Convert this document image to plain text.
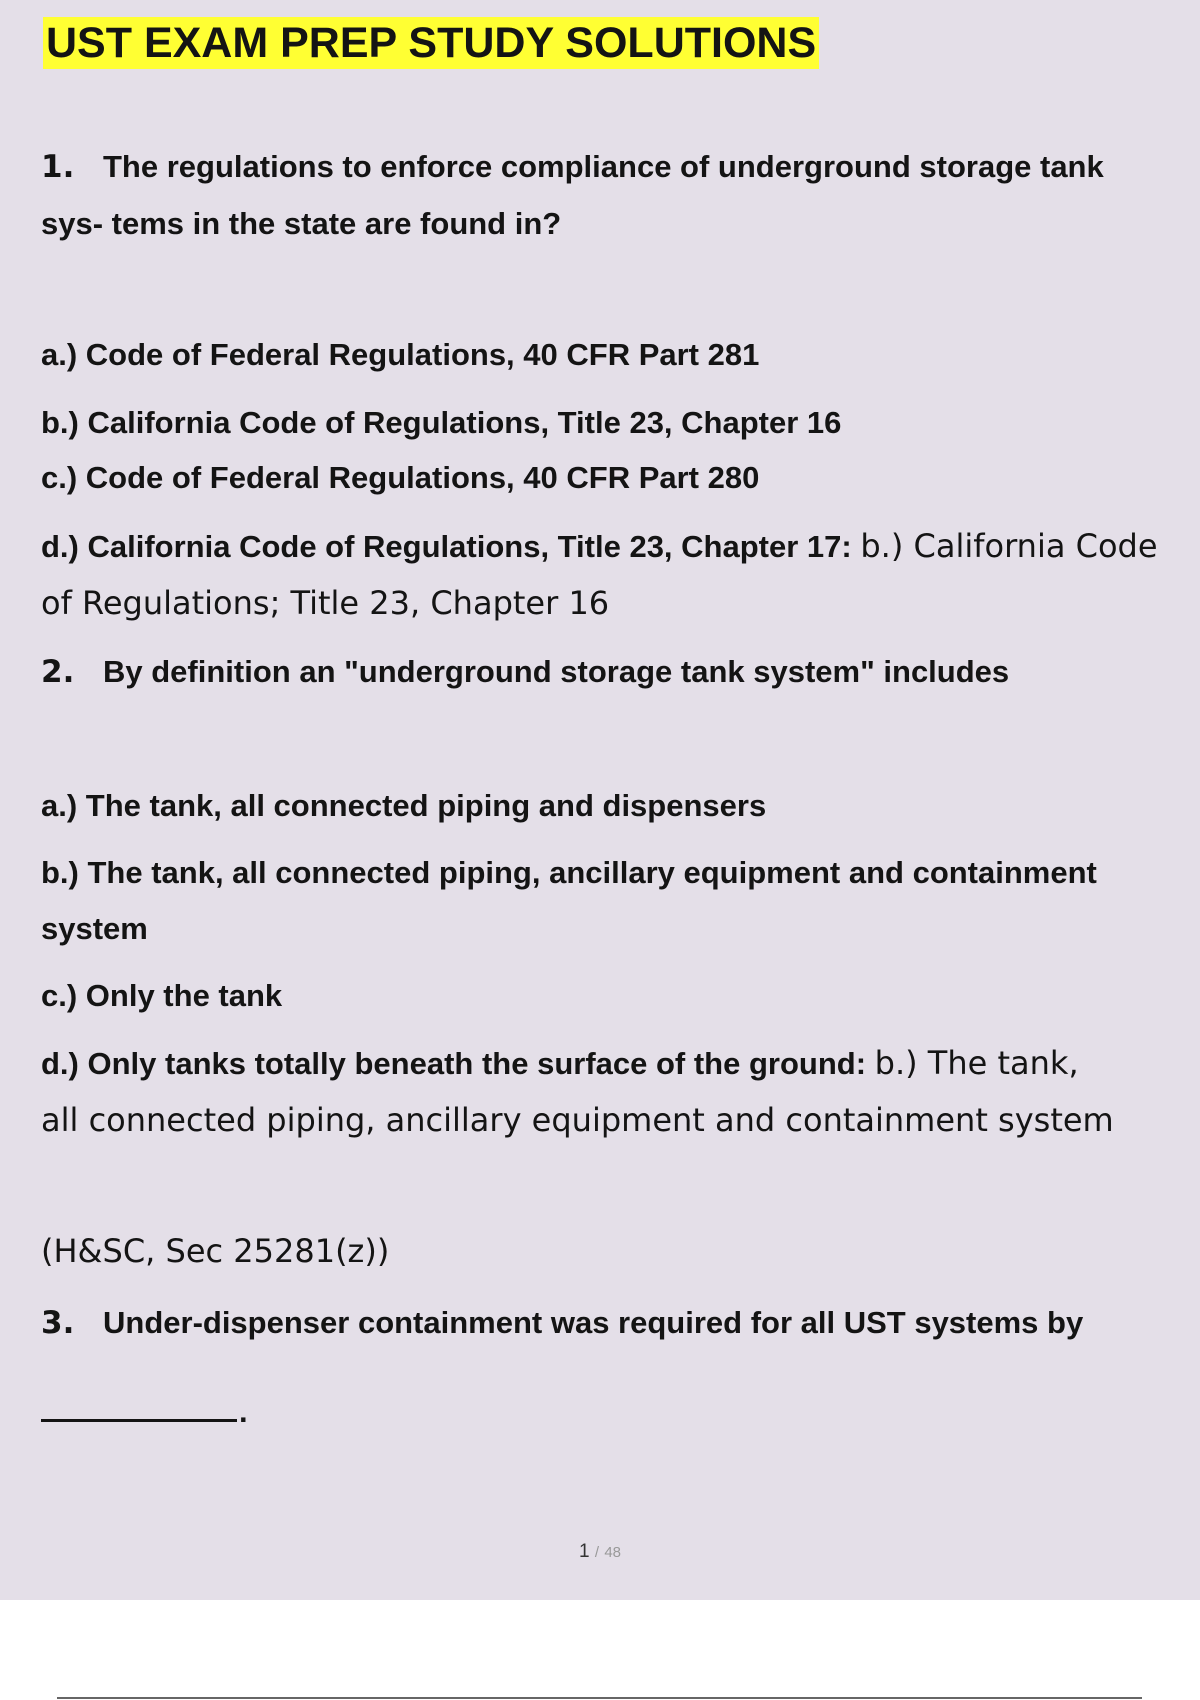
UST EXAM PREP STUDY SOLUTIONS
1. The regulations to enforce compliance of underground storage tank
sys- tems in the state are found in?
a.) Code of Federal Regulations, 40 CFR Part 281
b.) California Code of Regulations, Title 23, Chapter 16
c.) Code of Federal Regulations, 40 CFR Part 280
d.) California Code of Regulations, Title 23, Chapter 17: b.) California Code
of Regulations; Title 23, Chapter 16
2. By definition an "underground storage tank system" includes
a.) The tank, all connected piping and dispensers
b.) The tank, all connected piping, ancillary equipment and containment
system
c.) Only the tank
d.) Only tanks totally beneath the surface of the ground: b.) The tank,
all connected piping, ancillary equipment and containment system
(H&SC, Sec 25281(z))
3. Under-dispenser containment was required for all UST systems by
.
1 / 48
